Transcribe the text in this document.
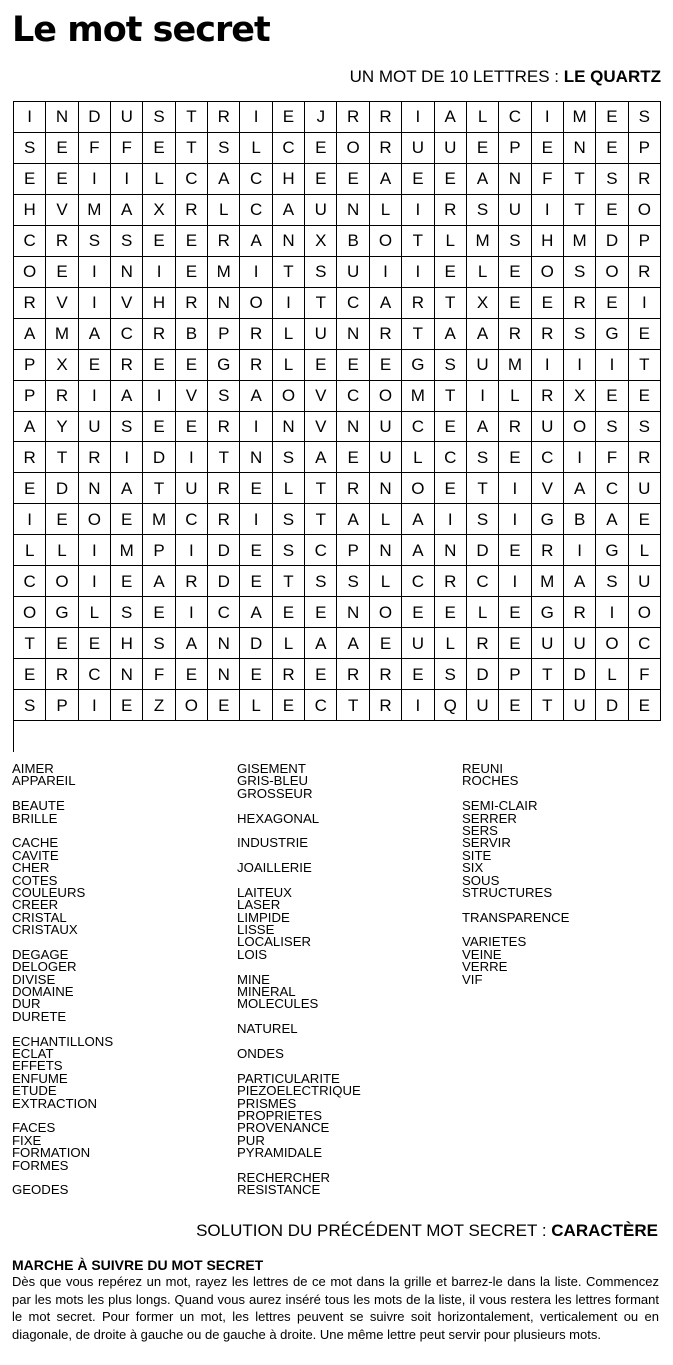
Le mot secret
UN MOT DE 10 LETTRES : LE QUARTZ
I	N	D	U	S	T	R	I	E	J	R	R	I	A	L	C	I	M	E	S
S	E	F	F	E	T	S	L	C	E	O	R	U	U	E	P	E	N	E	P
E	E	I	I	L	C	A	C	H	E	E	A	E	E	A	N	F	T	S	R
H	V	M	A	X	R	L	C	A	U	N	L	I	R	S	U	I	T	E	O
C	R	S	S	E	E	R	A	N	X	B	O	T	L	M	S	H	M	D	P
O	E	I	N	I	E	M	I	T	S	U	I	I	E	L	E	O	S	O	R
R	V	I	V	H	R	N	O	I	T	C	A	R	T	X	E	E	R	E	I
A	M	A	C	R	B	P	R	L	U	N	R	T	A	A	R	R	S	G	E
P	X	E	R	E	E	G	R	L	E	E	E	G	S	U	M	I	I	I	T
P	R	I	A	I	V	S	A	O	V	C	O	M	T	I	L	R	X	E	E
A	Y	U	S	E	E	R	I	N	V	N	U	C	E	A	R	U	O	S	S
R	T	R	I	D	I	T	N	S	A	E	U	L	C	S	E	C	I	F	R
E	D	N	A	T	U	R	E	L	T	R	N	O	E	T	I	V	A	C	U
I	E	O	E	M	C	R	I	S	T	A	L	A	I	S	I	G	B	A	E
L	L	I	M	P	I	D	E	S	C	P	N	A	N	D	E	R	I	G	L
C	O	I	E	A	R	D	E	T	S	S	L	C	R	C	I	M	A	S	U
O	G	L	S	E	I	C	A	E	E	N	O	E	E	L	E	G	R	I	O
T	E	E	H	S	A	N	D	L	A	A	E	U	L	R	E	U	U	O	C
E	R	C	N	F	E	N	E	R	E	R	R	E	S	D	P	T	D	L	F
S	P	I	E	Z	O	E	L	E	C	T	R	I	Q	U	E	T	U	D	E
AIMER
APPAREIL
BEAUTE
BRILLE
CACHE
CAVITE
CHER
COTES
COULEURS
CREER
CRISTAL
CRISTAUX
DEGAGE
DELOGER
DIVISE
DOMAINE
DUR
DURETE
ECHANTILLONS
ECLAT
EFFETS
ENFUME
ETUDE
EXTRACTION
FACES
FIXE
FORMATION
FORMES
GEODES
GISEMENT
GRIS-BLEU
GROSSEUR
HEXAGONAL
INDUSTRIE
JOAILLERIE
LAITEUX
LASER
LIMPIDE
LISSE
LOCALISER
LOIS
MINE
MINERAL
MOLECULES
NATUREL
ONDES
PARTICULARITE
PIEZOELECTRIQUE
PRISMES
PROPRIETES
PROVENANCE
PUR
PYRAMIDALE
RECHERCHER
RESISTANCE
REUNI
ROCHES
SEMI-CLAIR
SERRER
SERS
SERVIR
SITE
SIX
SOUS
STRUCTURES
TRANSPARENCE
VARIETES
VEINE
VERRE
VIF
SOLUTION DU PRÉCÉDENT MOT SECRET : CARACTÈRE
MARCHE À SUIVRE DU MOT SECRET
Dès que vous repérez un mot, rayez les lettres de ce mot dans la grille et barrez-le dans la liste. Commencez par les mots les plus longs. Quand vous aurez inséré tous les mots de la liste, il vous restera les lettres formant le mot secret. Pour former un mot, les lettres peuvent se suivre soit horizontalement, verticalement ou en diagonale, de droite à gauche ou de gauche à droite. Une même lettre peut servir pour plusieurs mots.
